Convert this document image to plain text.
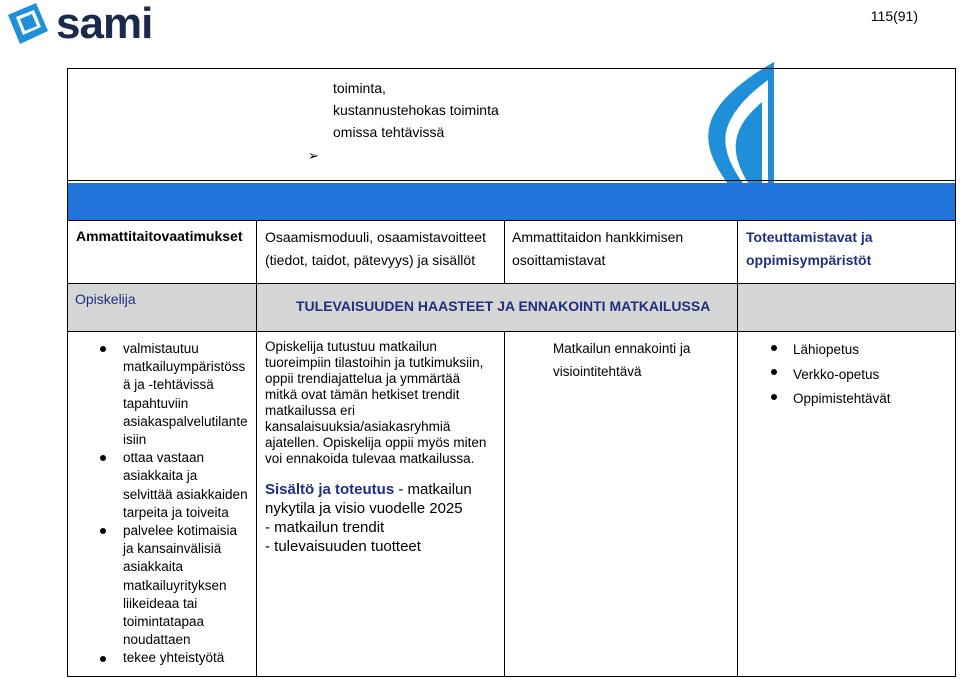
sami	115(91)
toiminta,
kustannustehokas toiminta
omissa tehtävissä
➢
Ammattitaitovaatimukset Osaamismoduuli, osaamistavoitteet
(tiedot, taidot, pätevyys) ja sisällöt
Ammattitaidon hankkimisen
osoittamistavat
Toteuttamistavat ja
oppimisympäristöt
Opiskelija	TULEVAISUUDEN HAASTEET JA ENNAKOINTI MATKAILUSSA
valmistautuu
matkailuympäristöss
ä ja -tehtävissä
tapahtuviin
asiakaspalvelutilante
isiin
ottaa vastaan
asiakkaita ja
selvittää asiakkaiden
tarpeita ja toiveita
palvelee kotimaisia
ja kansainvälisiä
asiakkaita
matkailuyrityksen
liikeideaa tai
toimintatapaa
noudattaen
tekee yhteistyötä
Opiskelija tutustuu matkailun
tuoreimpiin tilastoihin ja tutkimuksiin,
oppii trendiajattelua ja ymmärtää
mitkä ovat tämän hetkiset trendit
matkailussa eri
kansalaisuuksia/asiakasryhmiä
ajatellen. Opiskelija oppii myös miten
voi ennakoida tulevaa matkailussa.
Sisältö ja toteutus - matkailun
nykytila ja visio vuodelle 2025
- matkailun trendit
- tulevaisuuden tuotteet
Matkailun ennakointi ja
visiointitehtävä
Lähiopetus
Verkko-opetus
Oppimistehtävät
